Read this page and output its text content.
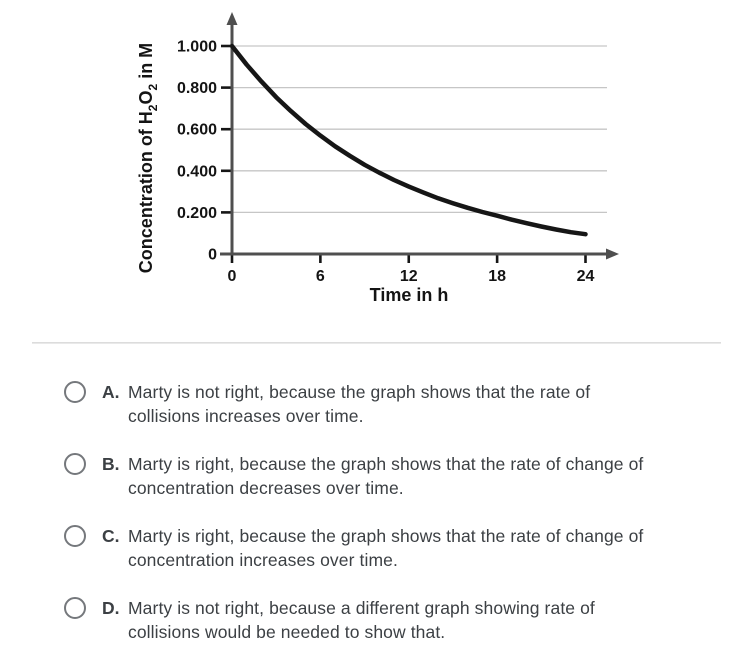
1.000
0.800
0.600
0.400
0.200
0
0	6	12	18	24
Concentration of $H_2O_2$ in M
Time in h
A. Marty is not right, because the graph shows that the rate of
collisions increases over time.
B. Marty is right, because the graph shows that the rate of change of
concentration decreases over time.
C. Marty is right, because the graph shows that the rate of change of
concentration increases over time.
D. Marty is not right, because a different graph showing rate of
collisions would be needed to show that.
